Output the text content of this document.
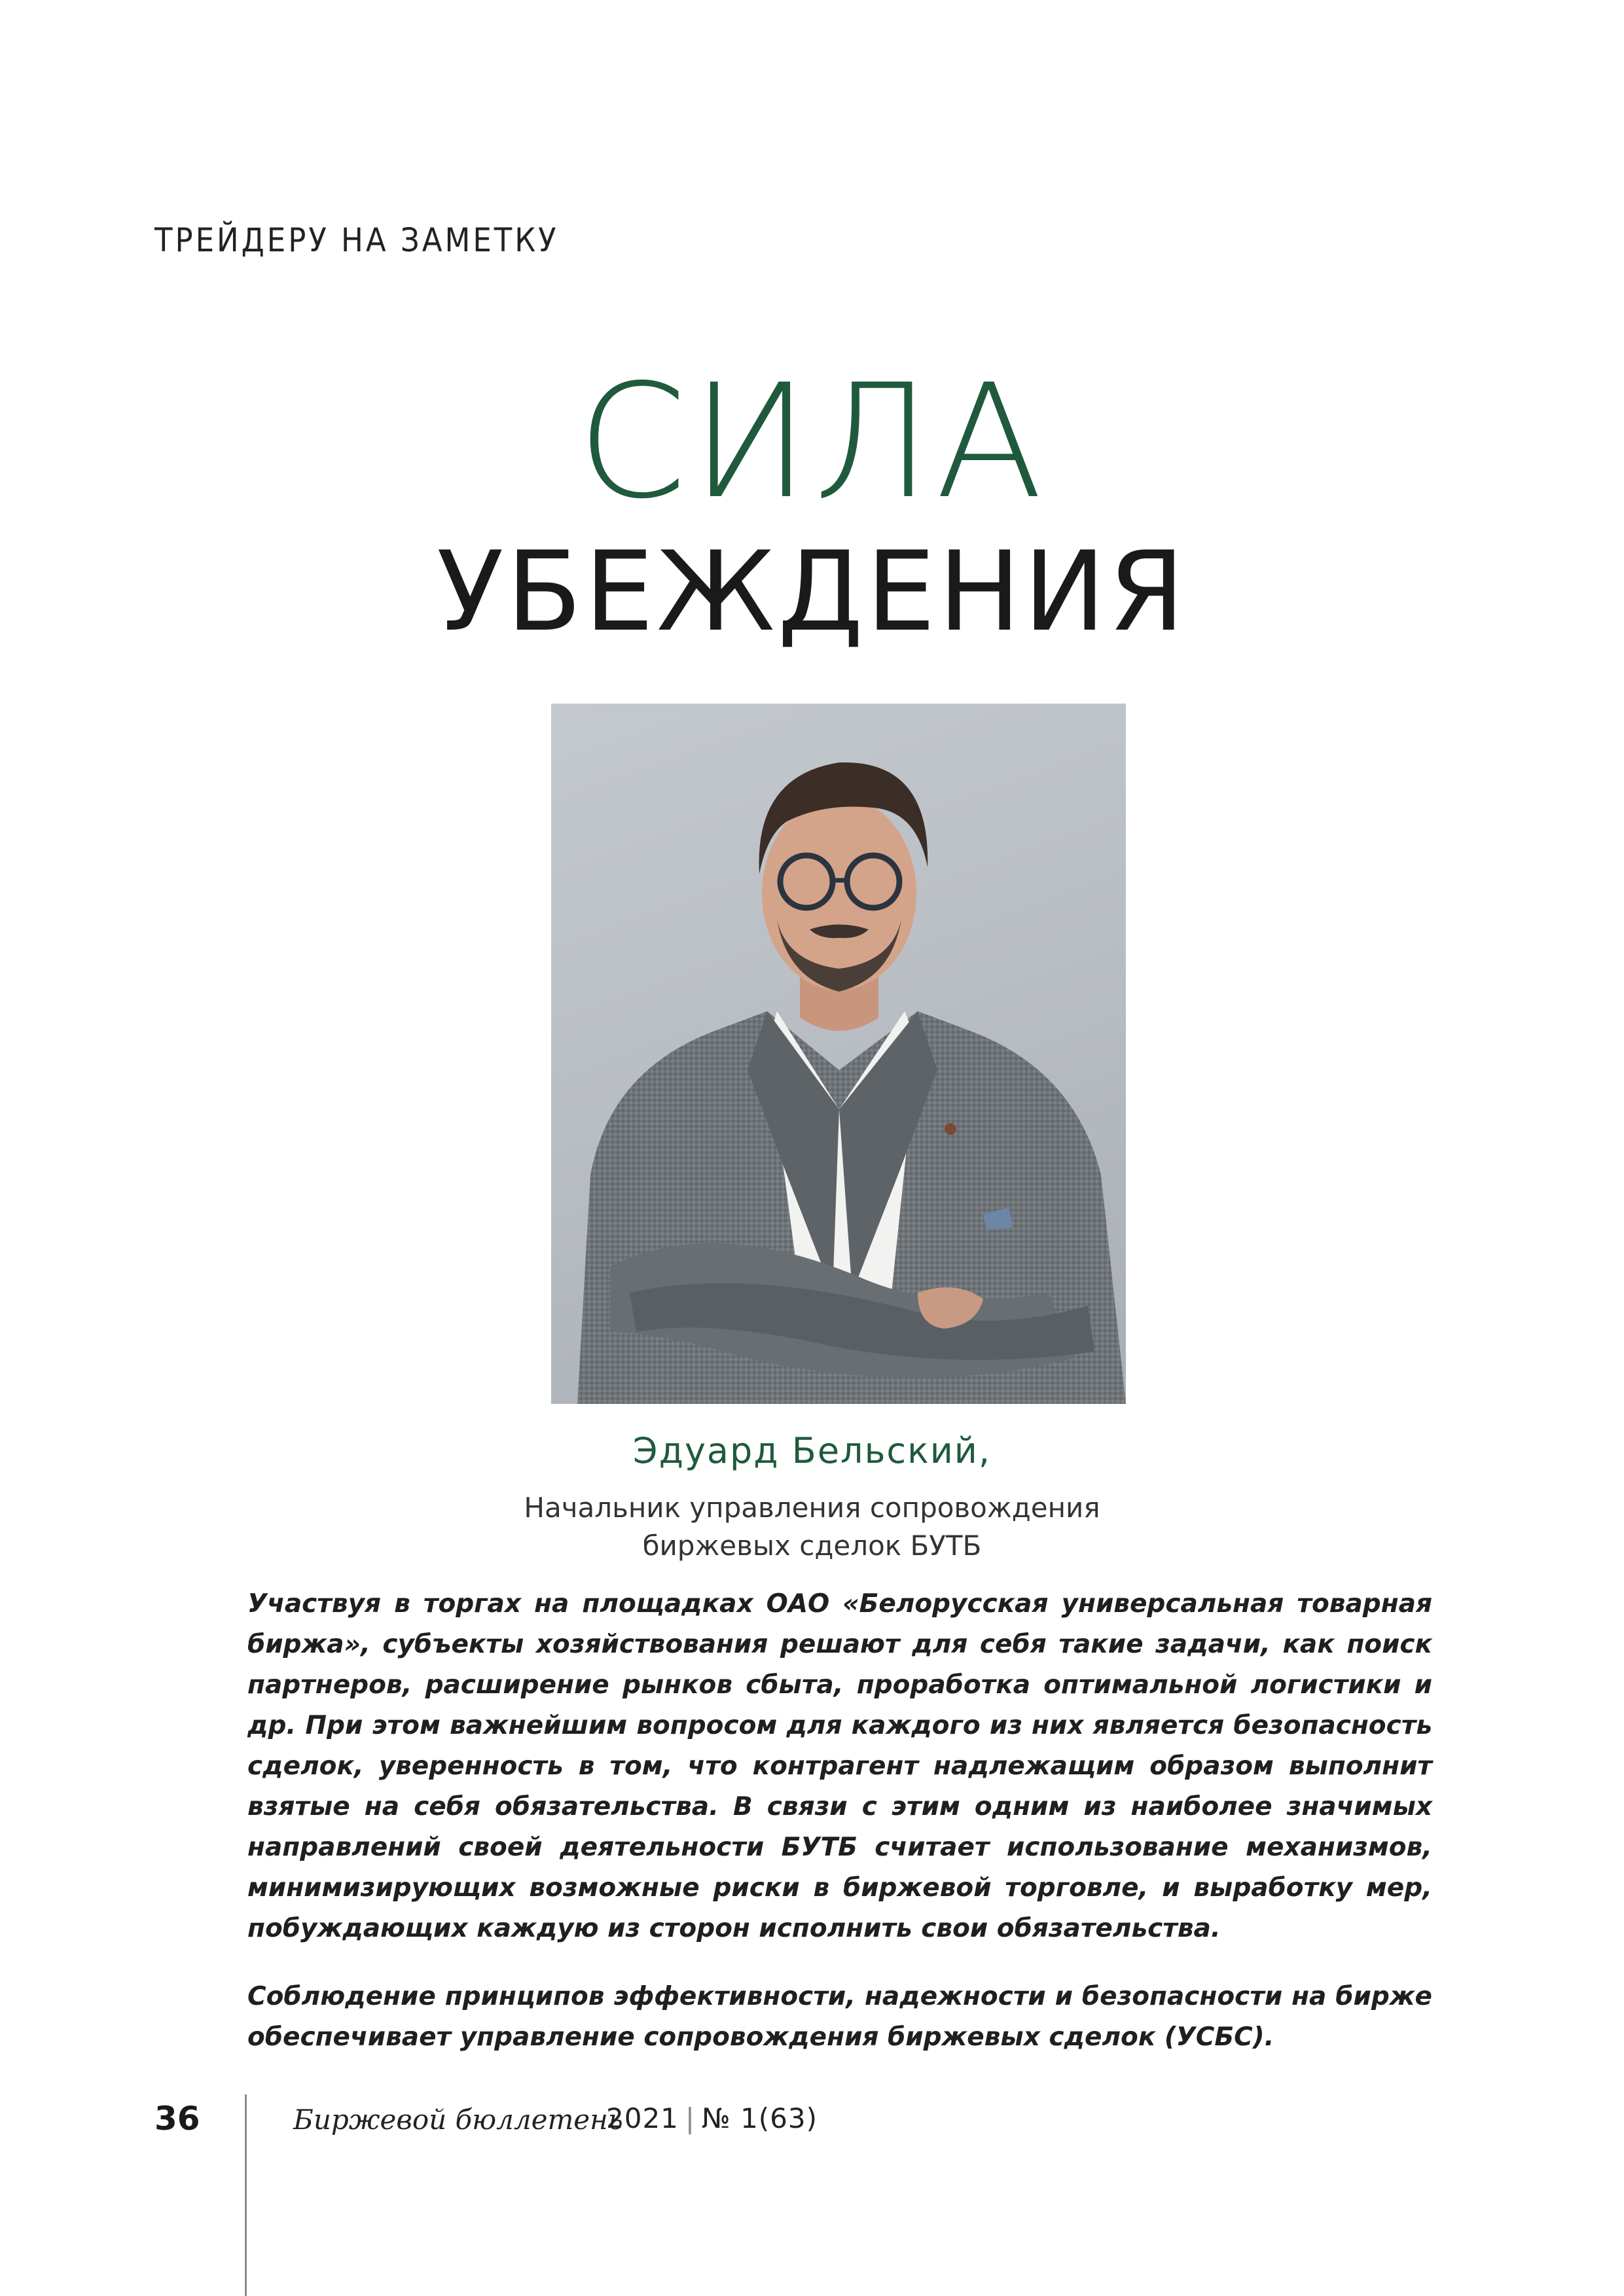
ТРЕЙДЕРУ НА ЗАМЕТКУ
СИЛА
УБЕЖДЕНИЯ
Эдуард Бельский,
Начальник управления сопровождения
биржевых сделок БУТБ

Участвуя в торгах на площадках ОАО «Белорусская универсальная товарная биржа», субъекты хозяйствования решают для себя такие задачи, как поиск партнеров, расширение рынков сбыта, проработка оптимальной логистики и др. При этом важнейшим вопросом для каждого из них является безопасность сделок, уверенность в том, что контрагент надлежащим образом выполнит взятые на себя обязательства. В связи с этим одним из наиболее значимых направлений своей деятельности БУТБ считает использование механизмов, минимизирующих возможные риски в биржевой торговле, и выработку мер, побуждающих каждую из сторон исполнить свои обязательства.

Соблюдение принципов эффективности, надежности и безопасности на бирже обеспечивает управление сопровождения биржевых сделок (УСБС).

36	Биржевой бюллетень
2021 | № 1(63)
